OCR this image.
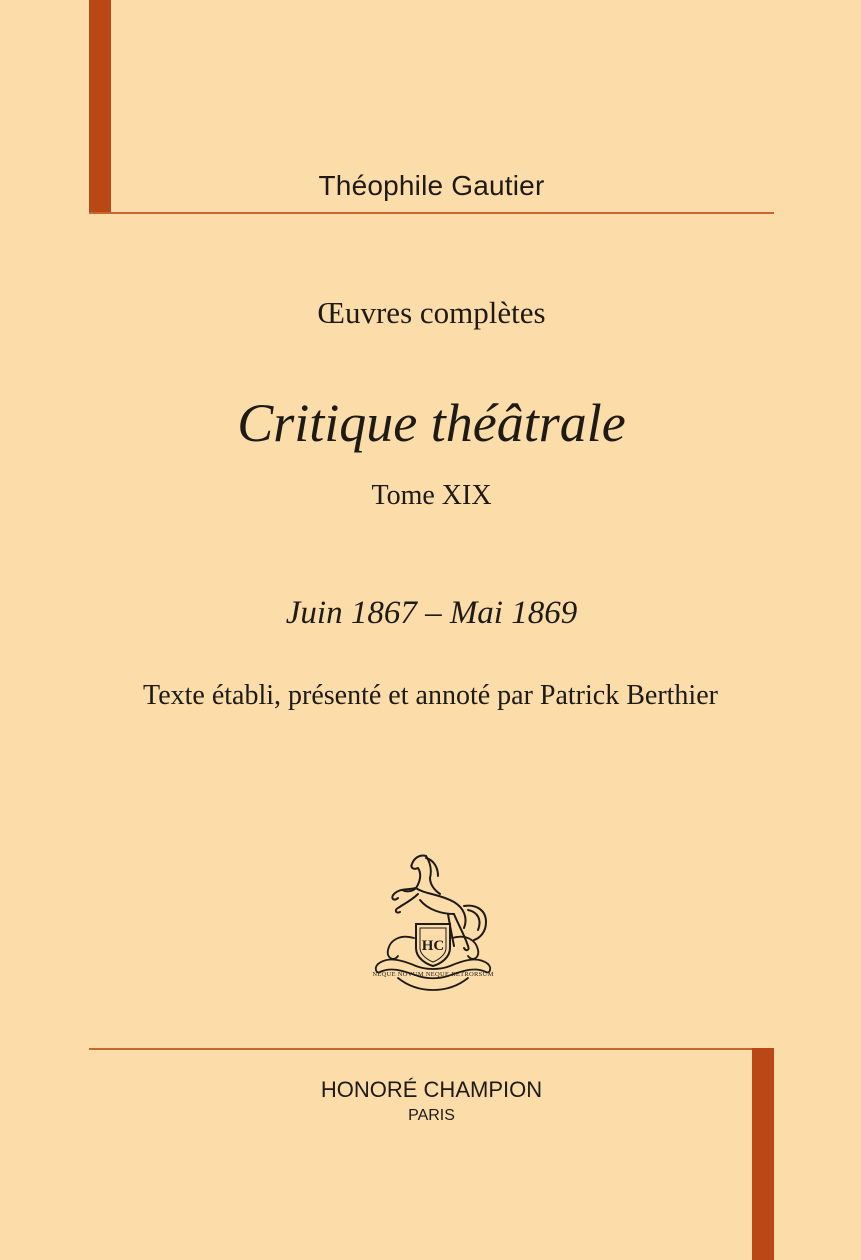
Théophile Gautier
Œuvres complètes
Critique théâtrale
Tome XIX
Juin 1867 – Mai 1869
Texte établi, présenté et annoté par Patrick Berthier
HC
NEQUE NOVUM NEQUE RETRORSUM
HONORÉ CHAMPION
PARIS
